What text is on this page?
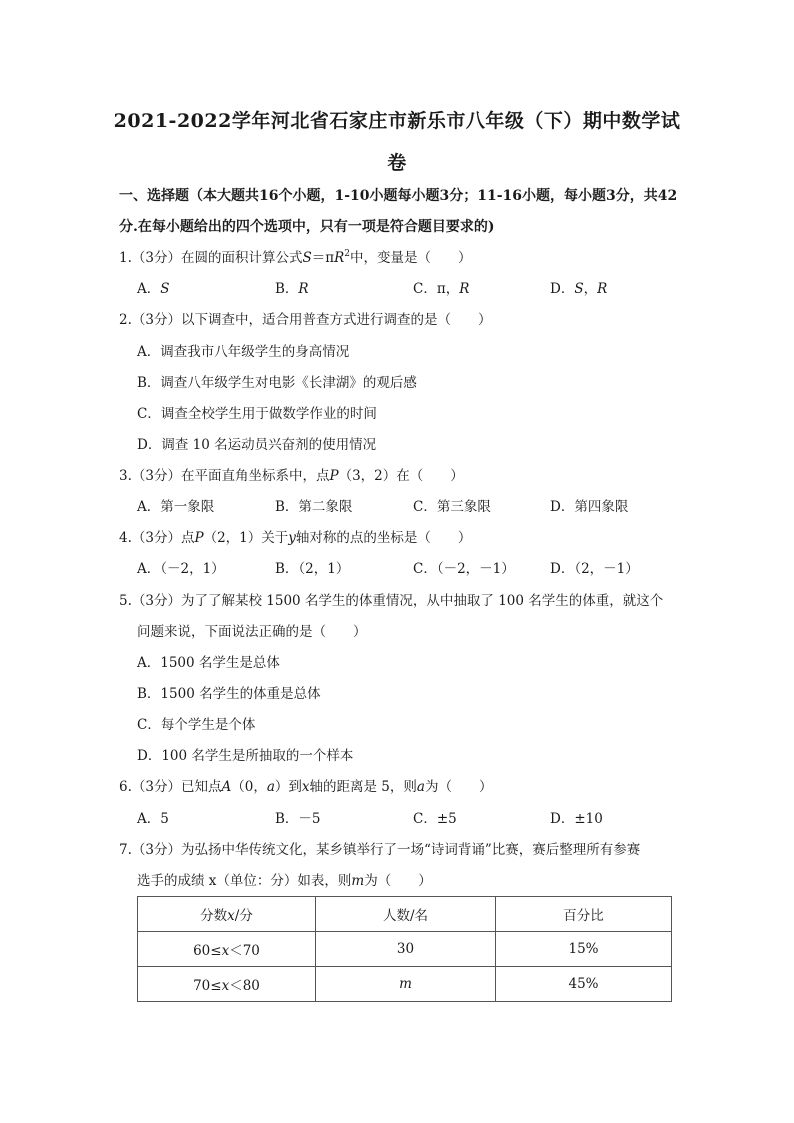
2021-2022学年河北省石家庄市新乐市八年级（下）期中数学试
卷
一、选择题（本大题共16个小题，1-10小题每小题3分；11-16小题，每小题3分，共42
分.在每小题给出的四个选项中，只有一项是符合题目要求的)
1.（3分）在圆的面积计算公式$S=\pi R^2$中，变量是（　　）
A．S	B．R	C．π，R	D．S，R
2.（3分）以下调查中，适合用普查方式进行调查的是（　　）
A．调查我市八年级学生的身高情况
B．调查八年级学生对电影《长津湖》的观后感
C．调查全校学生用于做数学作业的时间
D．调查 10 名运动员兴奋剂的使用情况
3.（3分）在平面直角坐标系中，点P（3，2）在（　　）
A．第一象限	B．第二象限	C．第三象限	D．第四象限
4.（3分）点P（2，1）关于y轴对称的点的坐标是（　　）
A．（－2，1）	B．（2，1）	C．（－2，－1）	D．（2，－1）
5.（3分）为了了解某校 1500 名学生的体重情况，从中抽取了 100 名学生的体重，就这个
问题来说，下面说法正确的是（　　）
A．1500 名学生是总体
B．1500 名学生的体重是总体
C．每个学生是个体
D．100 名学生是所抽取的一个样本
6.（3分）已知点A（0，a）到x轴的距离是 5，则a为（　　）
A．5	B．－5	C．±5	D．±10
7.（3分）为弘扬中华传统文化，某乡镇举行了一场“诗词背诵”比赛，赛后整理所有参赛
选手的成绩 x（单位：分）如表，则m为（　　）
分数x/分	人数/名	百分比
60≤x＜70	30	15%
70≤x＜80	m	45%
